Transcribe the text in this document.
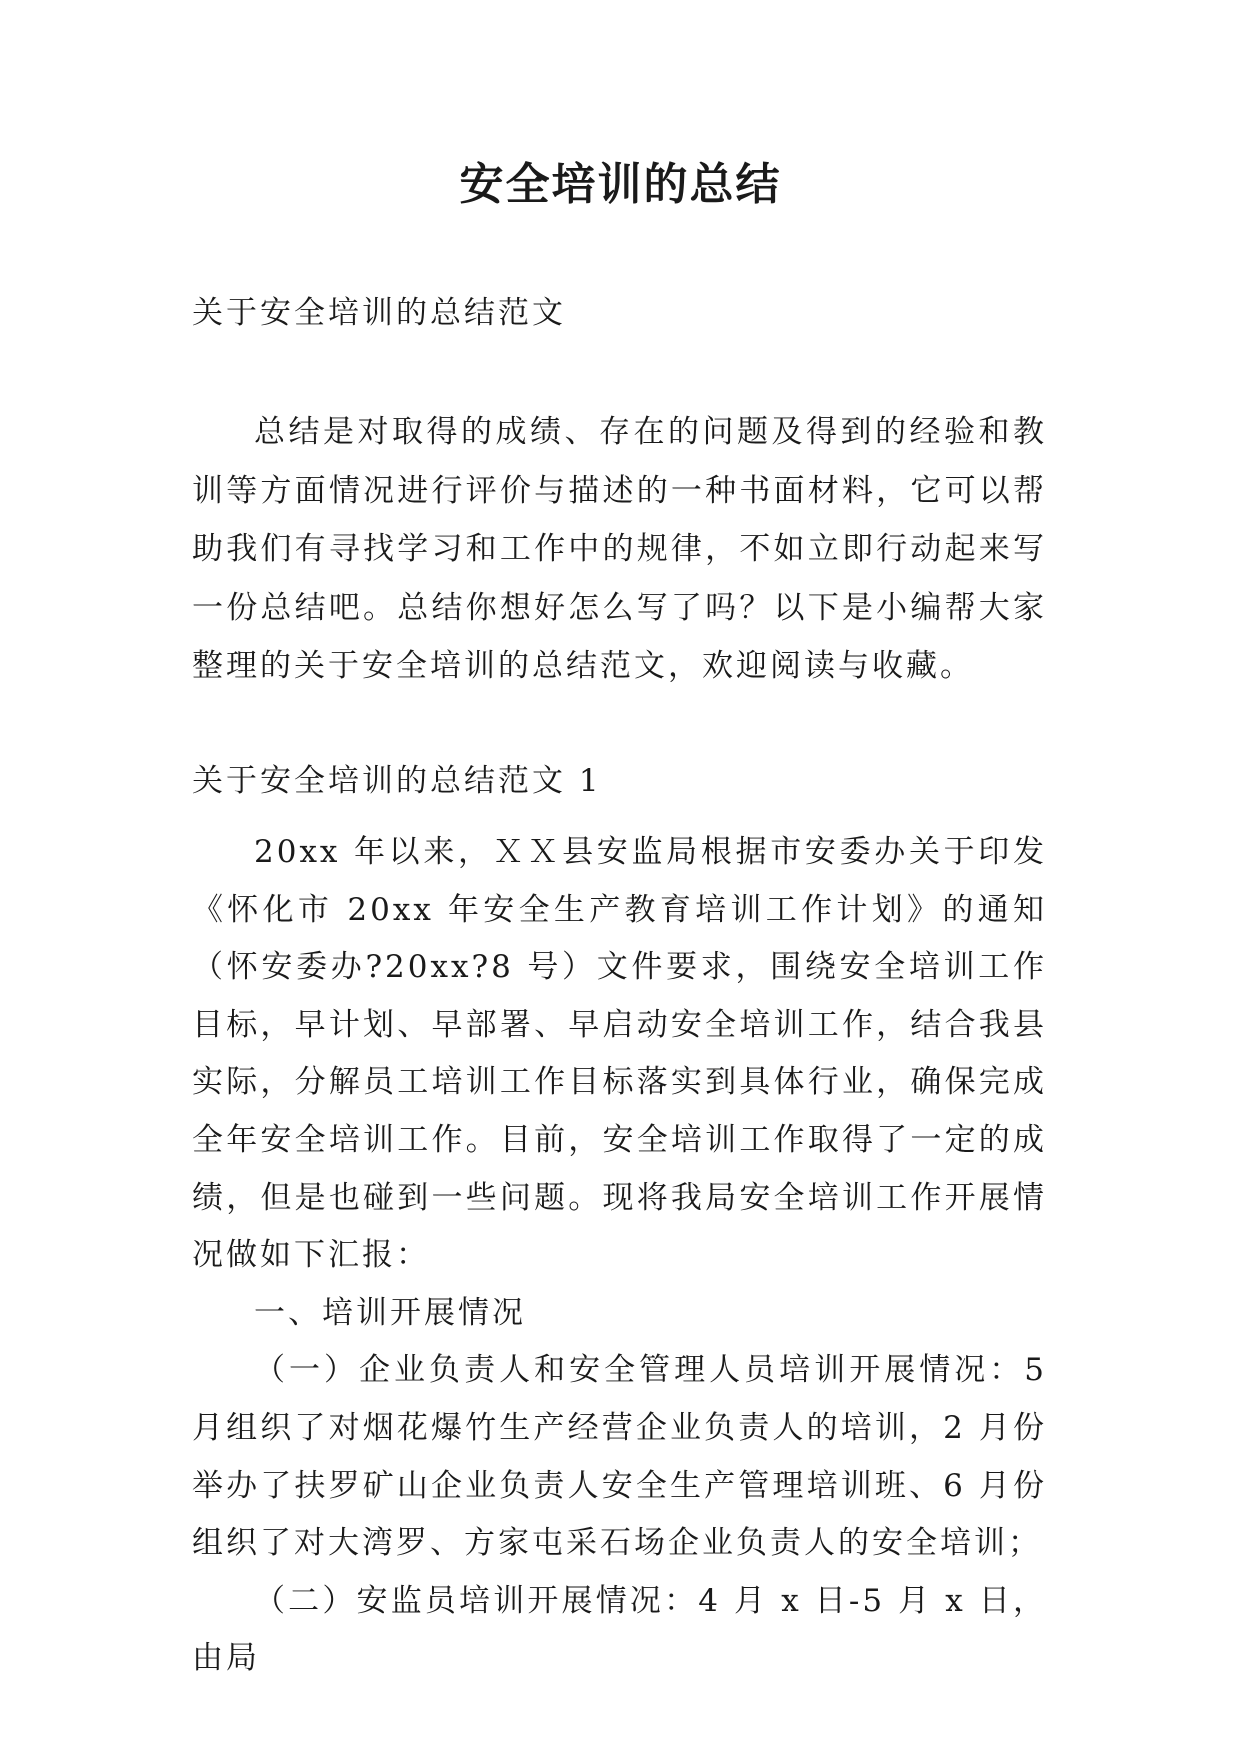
安全培训的总结
关于安全培训的总结范文

总结是对取得的成绩、存在的问题及得到的经验和教训等方面情况进行评价与描述的一种书面材料，它可以帮助我们有寻找学习和工作中的规律，不如立即行动起来写一份总结吧。总结你想好怎么写了吗？以下是小编帮大家整理的关于安全培训的总结范文，欢迎阅读与收藏。

关于安全培训的总结范文 1

20xx 年以来，ＸＸ县安监局根据市安委办关于印发《怀化市 20xx 年安全生产教育培训工作计划》的通知（怀安委办?20xx?8 号）文件要求，围绕安全培训工作目标，早计划、早部署、早启动安全培训工作，结合我县实际，分解员工培训工作目标落实到具体行业，确保完成全年安全培训工作。目前，安全培训工作取得了一定的成绩，但是也碰到一些问题。现将我局安全培训工作开展情况做如下汇报：

一、培训开展情况

（一）企业负责人和安全管理人员培训开展情况：5 月组织了对烟花爆竹生产经营企业负责人的培训，2 月份举办了扶罗矿山企业负责人安全生产管理培训班、6 月份组织了对大湾罗、方家屯采石场企业负责人的安全培训；

（二）安监员培训开展情况：4 月 x 日-5 月 x 日，由局
